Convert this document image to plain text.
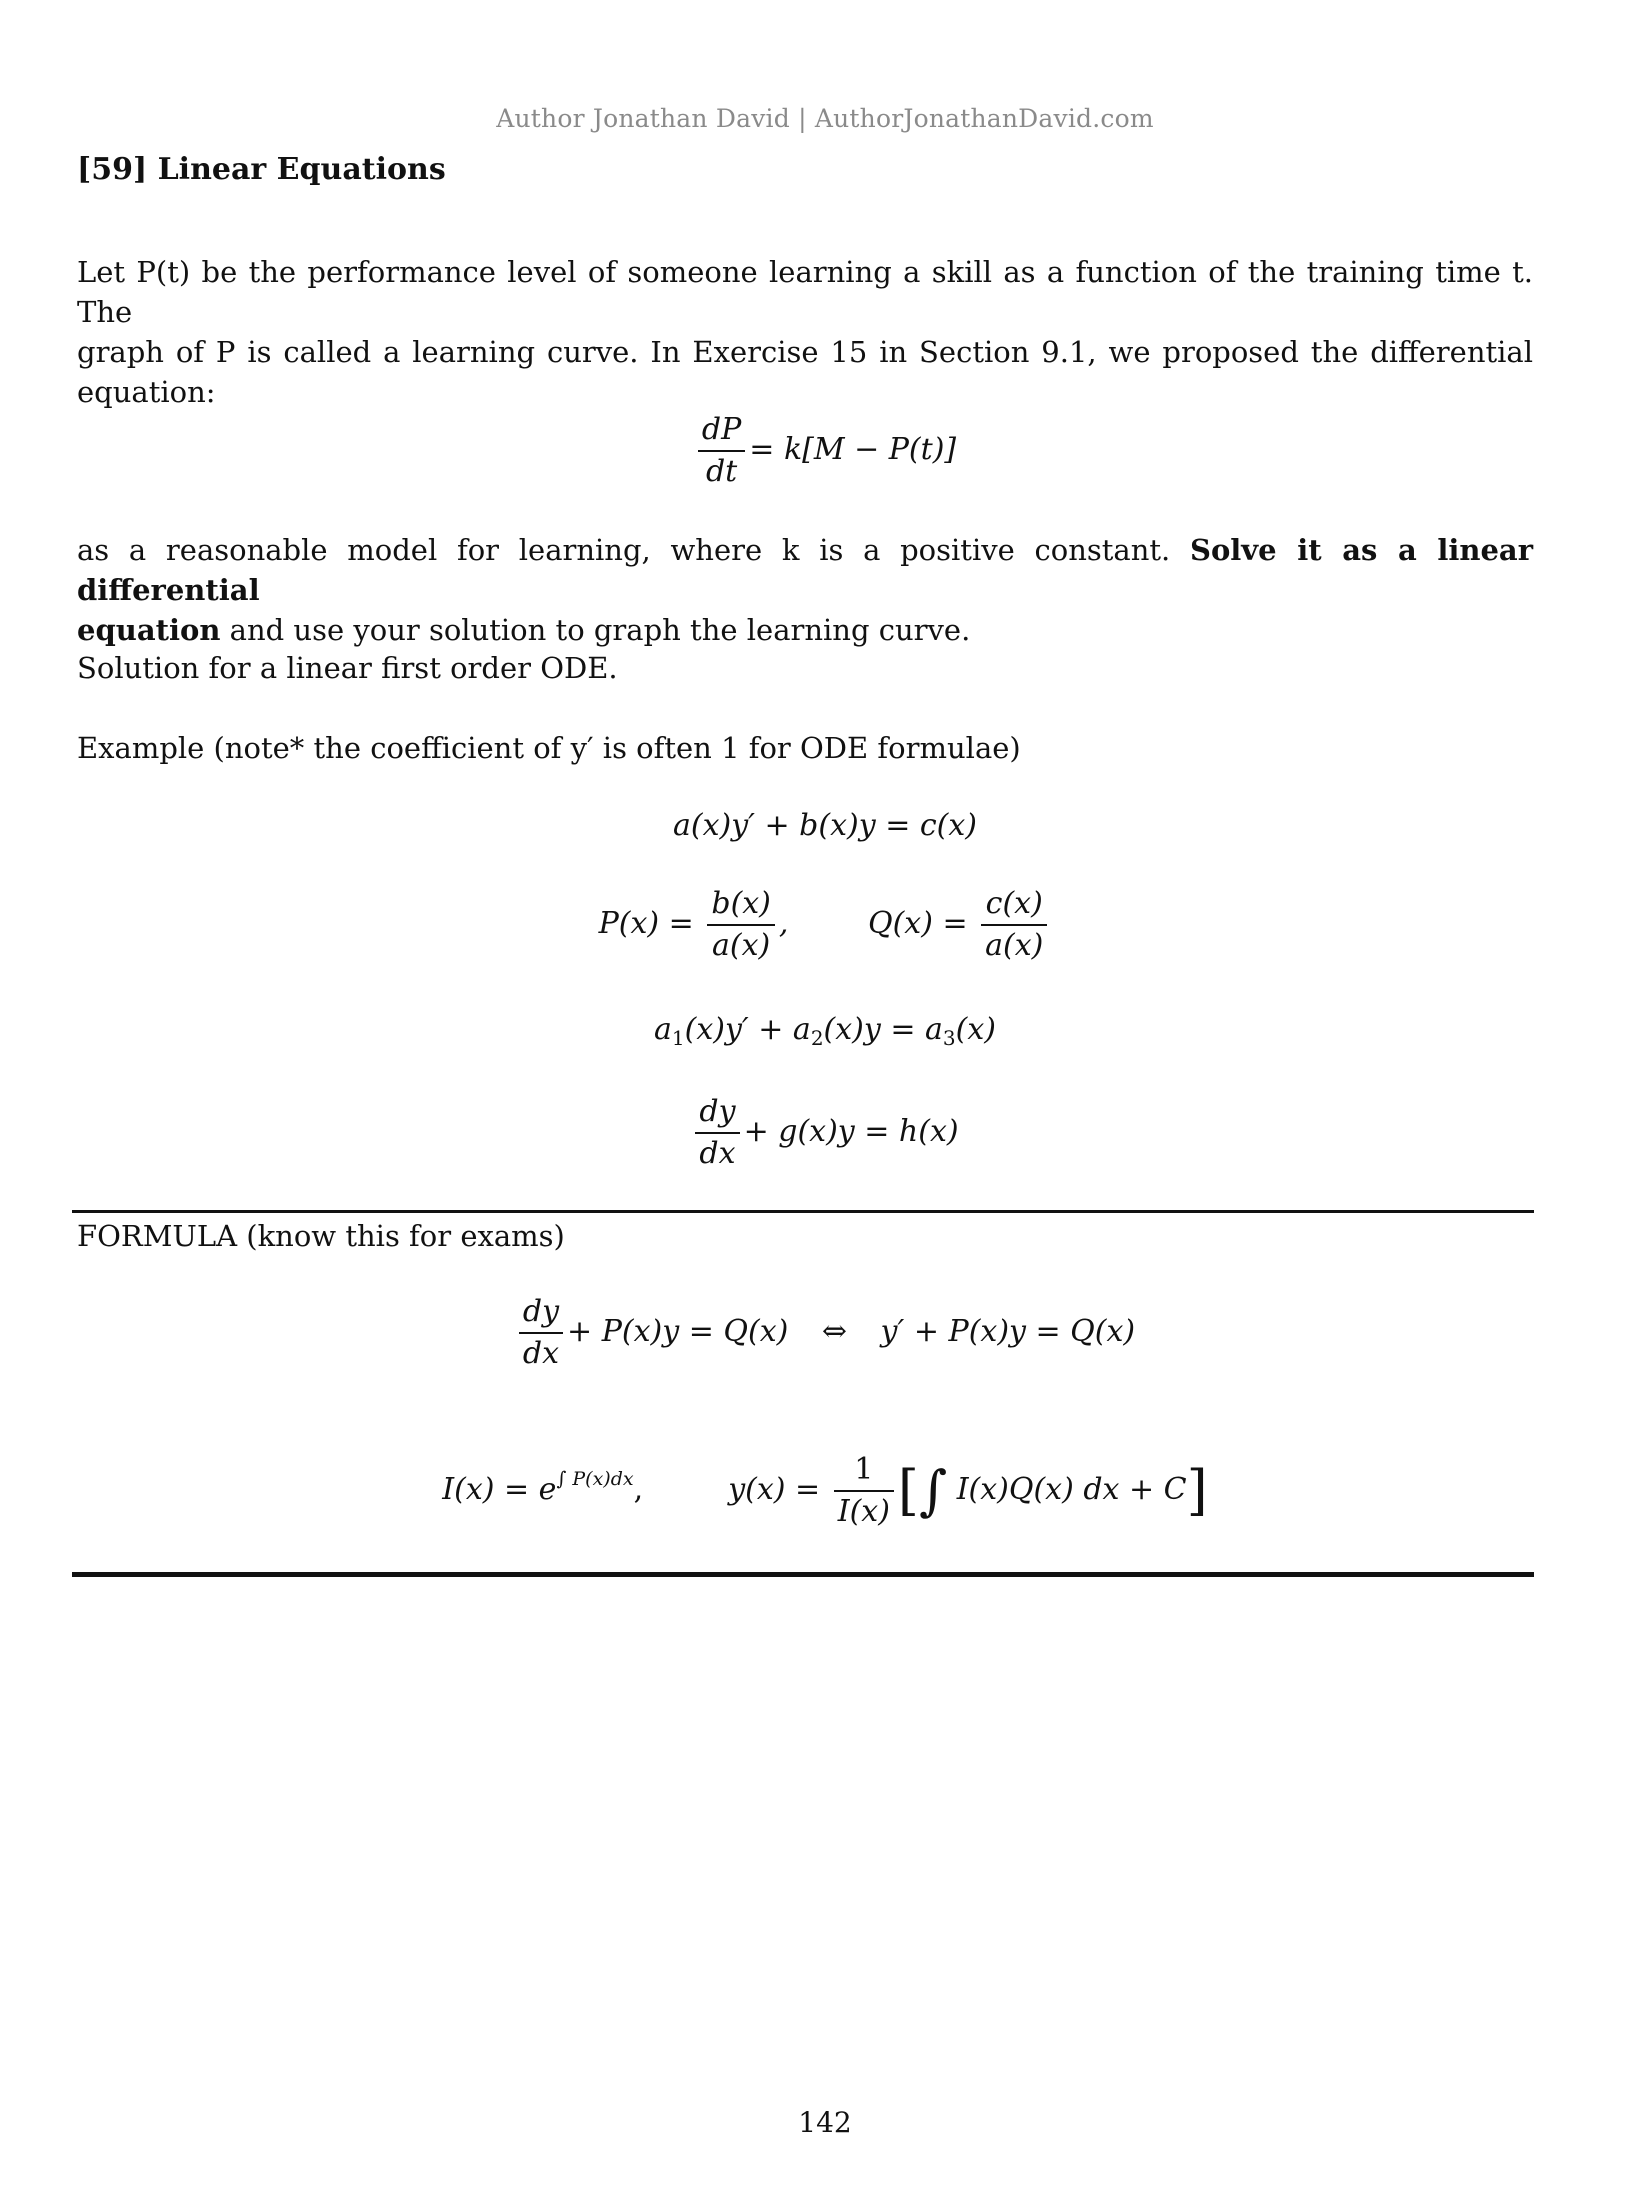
Author Jonathan David | AuthorJonathanDavid.com
[59] Linear Equations
Let P(t) be the performance level of someone learning a skill as a function of the training time t. The
graph of P is called a learning curve. In Exercise 15 in Section 9.1, we proposed the differential
equation:
$\frac{dP}{dt} = k[M - P(t)]$
as a reasonable model for learning, where k is a positive constant. Solve it as a linear differential
equation and use your solution to graph the learning curve.
Solution for a linear first order ODE.
Example (note* the coefficient of y′ is often 1 for ODE formulae)
a(x)y′ + b(x)y = c(x)
$P(x) = \frac{b(x)}{a(x)}$ ,	$Q(x) = \frac{c(x)}{a(x)}$
$a_1(x)y' + a_2(x)y = a_3(x)$
$\frac{dy}{dx} + g(x)y = h(x)$
FORMULA (know this for exams)
$\frac{dy}{dx} + P(x)y = Q(x)$ ⇔ y′ + P(x)y = Q(x)
$I(x) = e^{\int P(x)dx}$,	$y(x) = \frac{1}{I(x)}$ [∫ I(x)Q(x) dx + C]
142
